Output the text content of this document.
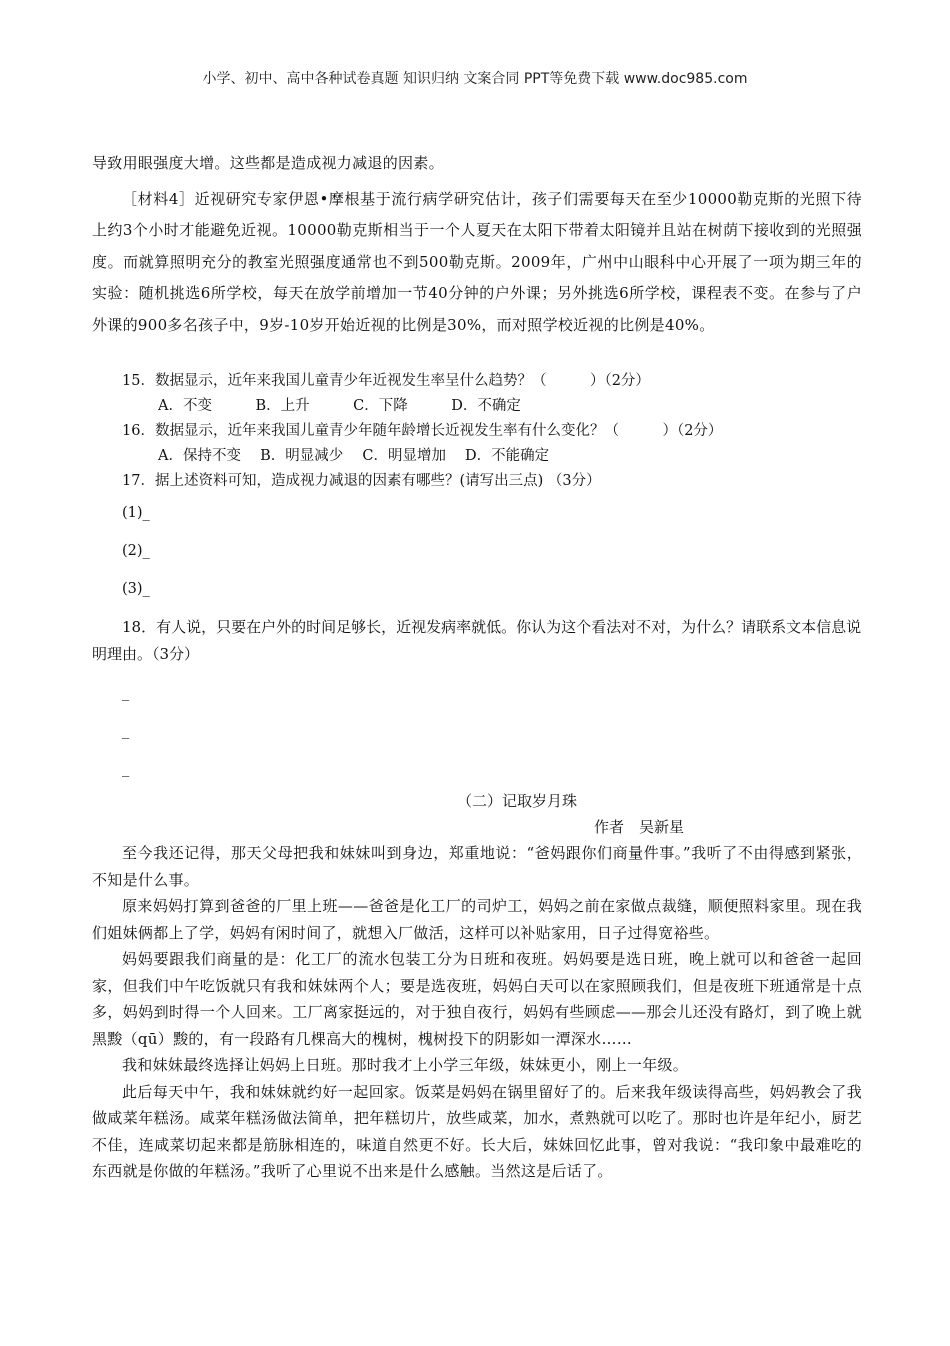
小学、初中、高中各种试卷真题 知识归纳 文案合同 PPT等免费下载 www.doc985.com

导致用眼强度大增。这些都是造成视力减退的因素。

［材料4］近视研究专家伊恩•摩根基于流行病学研究估计，孩子们需要每天在至少10000勒克斯的光照下待上约3个小时才能避免近视。10000勒克斯相当于一个人夏天在太阳下带着太阳镜并且站在树荫下接收到的光照强度。而就算照明充分的教室光照强度通常也不到500勒克斯。2009年，广州中山眼科中心开展了一项为期三年的实验：随机挑选6所学校，每天在放学前增加一节40分钟的户外课；另外挑选6所学校，课程表不变。在参与了户外课的900多名孩子中，9岁-10岁开始近视的比例是30%，而对照学校近视的比例是40%。

15．数据显示，近年来我国儿童青少年近视发生率呈什么趋势？（　　　）（2分）

A．不变　　　B．上升　　　C．下降　　　D．不确定

16．数据显示，近年来我国儿童青少年随年龄增长近视发生率有什么变化？（　　　）（2分）

A．保持不变　 B．明显减少　 C．明显增加　 D．不能确定

17．据上述资料可知，造成视力减退的因素有哪些？(请写出三点) （3分）

(1)_

(2)_

(3)_

18．有人说，只要在户外的时间足够长，近视发病率就低。你认为这个看法对不对，为什么？请联系文本信息说明理由。（3分）

_

_

_

（二）记取岁月珠

作者　吴新星

至今我还记得，那天父母把我和妹妹叫到身边，郑重地说：“爸妈跟你们商量件事。”我听了不由得感到紧张，不知是什么事。

原来妈妈打算到爸爸的厂里上班——爸爸是化工厂的司炉工，妈妈之前在家做点裁缝，顺便照料家里。现在我们姐妹俩都上了学，妈妈有闲时间了，就想入厂做活，这样可以补贴家用，日子过得宽裕些。

妈妈要跟我们商量的是：化工厂的流水包装工分为日班和夜班。妈妈要是选日班，晚上就可以和爸爸一起回家，但我们中午吃饭就只有我和妹妹两个人；要是选夜班，妈妈白天可以在家照顾我们，但是夜班下班通常是十点多，妈妈到时得一个人回来。工厂离家挺远的，对于独自夜行，妈妈有些顾虑——那会儿还没有路灯，到了晚上就黑黢（qū）黢的，有一段路有几棵高大的槐树，槐树投下的阴影如一潭深水……

我和妹妹最终选择让妈妈上日班。那时我才上小学三年级，妹妹更小，刚上一年级。

此后每天中午，我和妹妹就约好一起回家。饭菜是妈妈在锅里留好了的。后来我年级读得高些，妈妈教会了我做咸菜年糕汤。咸菜年糕汤做法简单，把年糕切片，放些咸菜，加水，煮熟就可以吃了。那时也许是年纪小，厨艺不佳，连咸菜切起来都是筋脉相连的，味道自然更不好。长大后，妹妹回忆此事，曾对我说：“我印象中最难吃的东西就是你做的年糕汤。”我听了心里说不出来是什么感触。当然这是后话了。
